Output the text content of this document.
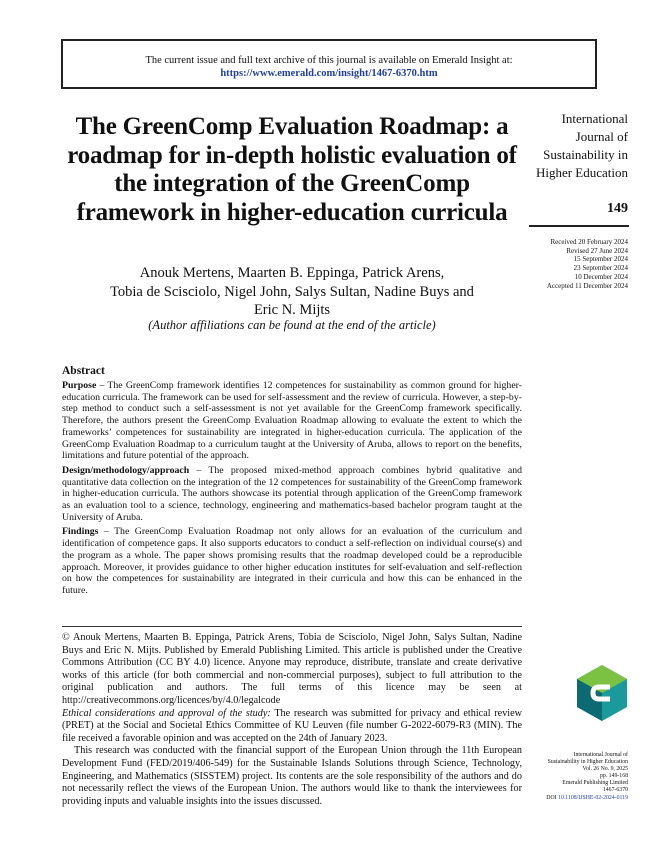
The current issue and full text archive of this journal is available on Emerald Insight at:
https://www.emerald.com/insight/1467-6370.htm
The GreenComp Evaluation Roadmap: a roadmap for in-depth holistic evaluation of the integration of the GreenComp framework in higher-education curricula
Anouk Mertens, Maarten B. Eppinga, Patrick Arens,
Tobia de Scisciolo, Nigel John, Salys Sultan, Nadine Buys and
Eric N. Mijts
(Author affiliations can be found at the end of the article)
International
Journal of
Sustainability in
Higher Education
149
Received 20 February 2024
Revised 27 June 2024
15 September 2024
23 September 2024
10 December 2024
Accepted 11 December 2024
Abstract

Purpose – The GreenComp framework identifies 12 competences for sustainability as common ground for higher-education curricula. The framework can be used for self-assessment and the review of curricula. However, a step-by-step method to conduct such a self-assessment is not yet available for the GreenComp framework specifically. Therefore, the authors present the GreenComp Evaluation Roadmap allowing to evaluate the extent to which the frameworks’ competences for sustainability are integrated in higher-education curricula. The application of the GreenComp Evaluation Roadmap to a curriculum taught at the University of Aruba, allows to report on the benefits, limitations and future potential of the approach.

Design/methodology/approach – The proposed mixed-method approach combines hybrid qualitative and quantitative data collection on the integration of the 12 competences for sustainability of the GreenComp framework in higher-education curricula. The authors showcase its potential through application of the GreenComp framework as an evaluation tool to a science, technology, engineering and mathematics-based bachelor program taught at the University of Aruba.

Findings – The GreenComp Evaluation Roadmap not only allows for an evaluation of the curriculum and identification of competence gaps. It also supports educators to conduct a self-reflection on individual course(s) and the program as a whole. The paper shows promising results that the roadmap developed could be a reproducible approach. Moreover, it provides guidance to other higher education institutes for self-evaluation and self-reflection on how the competences for sustainability are integrated in their curricula and how this can be enhanced in the future.

© Anouk Mertens, Maarten B. Eppinga, Patrick Arens, Tobia de Scisciolo, Nigel John, Salys Sultan, Nadine Buys and Eric N. Mijts. Published by Emerald Publishing Limited. This article is published under the Creative Commons Attribution (CC BY 4.0) licence. Anyone may reproduce, distribute, translate and create derivative works of this article (for both commercial and non-commercial purposes), subject to full attribution to the original publication and authors. The full terms of this licence may be seen at http://creativecommons.org/licences/by/4.0/legalcode

Ethical considerations and approval of the study: The research was submitted for privacy and ethical review (PRET) at the Social and Societal Ethics Committee of KU Leuven (file number G-2022-6079-R3 (MIN). The file received a favorable opinion and was accepted on the 24th of January 2023.

This research was conducted with the financial support of the European Union through the 11th European Development Fund (FED/2019/406-549) for the Sustainable Islands Solutions through Science, Technology, Engineering, and Mathematics (SISSTEM) project. Its contents are the sole responsibility of the authors and do not necessarily reflect the views of the European Union. The authors would like to thank the interviewees for providing inputs and valuable insights into the issues discussed.

International Journal of
Sustainability in Higher Education
Vol. 26 No. 9, 2025
pp. 149-168
Emerald Publishing Limited
1467-6370
DOI 10.1108/IJSHE-02-2024-0119
